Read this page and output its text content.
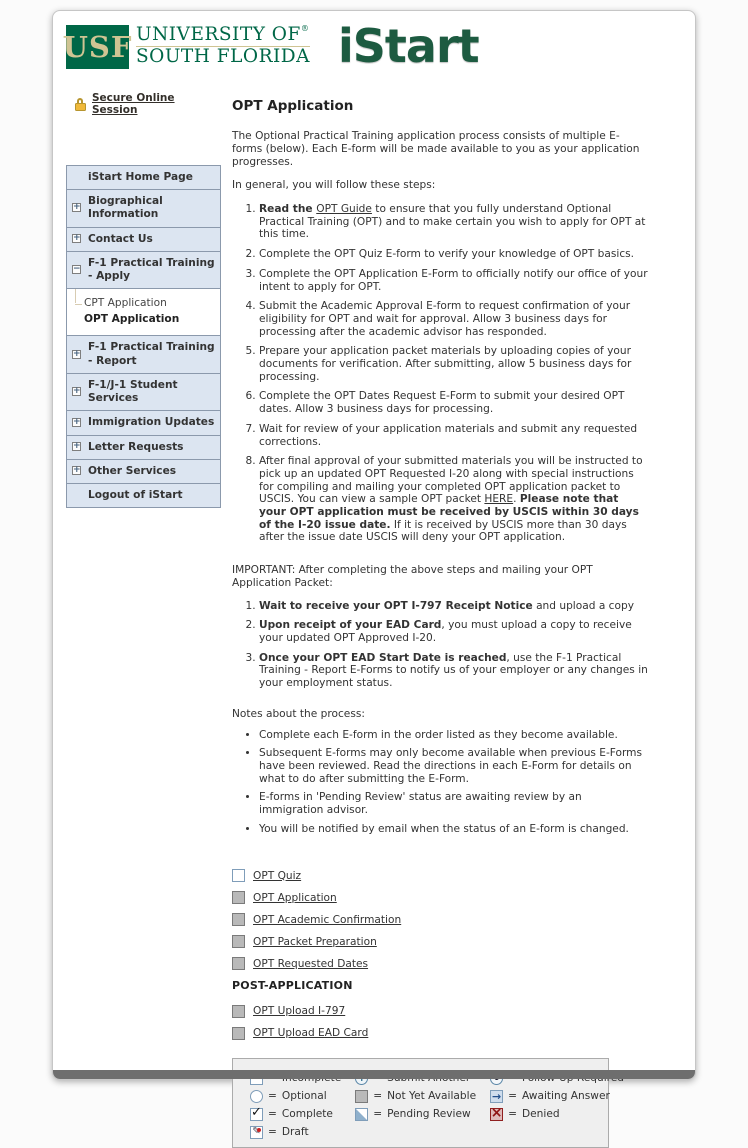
USF UNIVERSITY OF®
SOUTH FLORIDA iStart
Secure Online Session
iStart Home Page
+
Biographical Information
+ Contact Us
−
F-1 Practical Training - Apply
CPT Application
OPT Application
+
F-1 Practical Training - Report
+
F-1/J-1 Student Services
+ Immigration Updates
+ Letter Requests
+ Other Services
Logout of iStart
OPT Application

The Optional Practical Training application process consists of multiple E-forms (below). Each E-form will be made available to you as your application progresses.

In general, you will follow these steps:

1. Read the OPT Guide to ensure that you fully understand Optional Practical Training (OPT) and to make certain you wish to apply for OPT at this time.
2. Complete the OPT Quiz E-form to verify your knowledge of OPT basics.
3. Complete the OPT Application E-Form to officially notify our office of your intent to apply for OPT.
4. Submit the Academic Approval E-form to request confirmation of your eligibility for OPT and wait for approval. Allow 3 business days for processing after the academic advisor has responded.
5. Prepare your application packet materials by uploading copies of your documents for verification. After submitting, allow 5 business days for processing.
6. Complete the OPT Dates Request E-Form to submit your desired OPT dates. Allow 3 business days for processing.
7. Wait for review of your application materials and submit any requested corrections.
8. After final approval of your submitted materials you will be instructed to pick up an updated OPT Requested I-20 along with special instructions for compiling and mailing your completed OPT application packet to USCIS. You can view a sample OPT packet HERE. Please note that your OPT application must be received by USCIS within 30 days of the I-20 issue date. If it is received by USCIS more than 30 days after the issue date USCIS will deny your OPT application.

IMPORTANT: After completing the above steps and mailing your OPT Application Packet:

1. Wait to receive your OPT I-797 Receipt Notice and upload a copy
2. Upon receipt of your EAD Card, you must upload a copy to receive your updated OPT Approved I-20.
3. Once your OPT EAD Start Date is reached, use the F-1 Practical Training - Report E-Forms to notify us of your employer or any changes in your employment status.

Notes about the process:

• Complete each E-form in the order listed as they become available.
• Subsequent E-forms may only become available when previous E-Forms have been reviewed. Read the directions in each E-Form for details on what to do after submitting the E-Form.
• E-forms in 'Pending Review' status are awaiting review by an immigration advisor.
• You will be notified by email when the status of an E-form is changed.
OPT Quiz
OPT Application
OPT Academic Confirmation
OPT Packet Preparation
OPT Requested Dates
POST-APPLICATION
OPT Upload I-797
OPT Upload EAD Card
= Optional
✓
= Complete
✎
= Draft
+
= Not Yet Available
= Pending Review
i
→
= Awaiting Answer
×
= Denied
